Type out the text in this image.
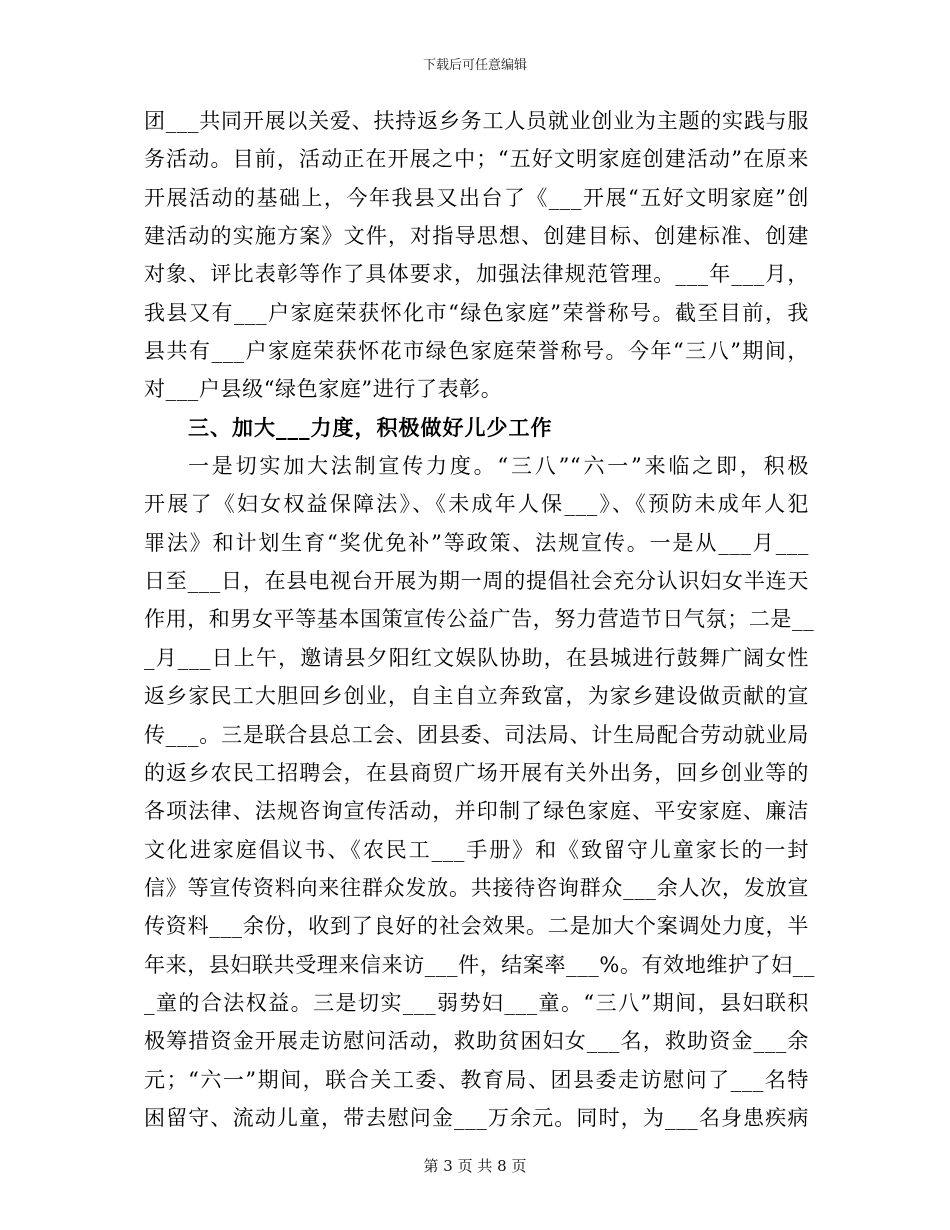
下载后可任意编辑
团___共同开展以关爱、扶持返乡务工人员就业创业为主题的实践与服
务活动。目前，活动正在开展之中；“五好文明家庭创建活动”在原来
开展活动的基础上，今年我县又出台了《___开展“五好文明家庭”创
建活动的实施方案》文件，对指导思想、创建目标、创建标准、创建
对象、评比表彰等作了具体要求，加强法律规范管理。___年___月，
我县又有___户家庭荣获怀化市“绿色家庭”荣誉称号。截至目前，我
县共有___户家庭荣获怀花市绿色家庭荣誉称号。今年“三八”期间，
对___户县级“绿色家庭”进行了表彰。
三、加大___力度，积极做好儿少工作
一是切实加大法制宣传力度。“三八”“六一”来临之即，积极
开展了《妇女权益保障法》、《未成年人保___》、《预防未成年人犯
罪法》和计划生育“奖优免补”等政策、法规宣传。一是从___月___
日至___日，在县电视台开展为期一周的提倡社会充分认识妇女半连天
作用，和男女平等基本国策宣传公益广告，努力营造节日气氛；二是__
_月___日上午，邀请县夕阳红文娱队协助，在县城进行鼓舞广阔女性
返乡家民工大胆回乡创业，自主自立奔致富，为家乡建设做贡献的宣
传___。三是联合县总工会、团县委、司法局、计生局配合劳动就业局
的返乡农民工招聘会，在县商贸广场开展有关外出务，回乡创业等的
各项法律、法规咨询宣传活动，并印制了绿色家庭、平安家庭、廉洁
文化进家庭倡议书、《农民工___手册》和《致留守儿童家长的一封
信》等宣传资料向来往群众发放。共接待咨询群众___余人次，发放宣
传资料___余份，收到了良好的社会效果。二是加大个案调处力度，半
年来，县妇联共受理来信来访___件，结案率___%。有效地维护了妇__
_童的合法权益。三是切实___弱势妇___童。“三八”期间，县妇联积
极筹措资金开展走访慰问活动，救助贫困妇女___名，救助资金___余
元；“六一”期间，联合关工委、教育局、团县委走访慰问了___名特
困留守、流动儿童，带去慰问金___万余元。同时，为___名身患疾病
第 3 页 共 8 页
